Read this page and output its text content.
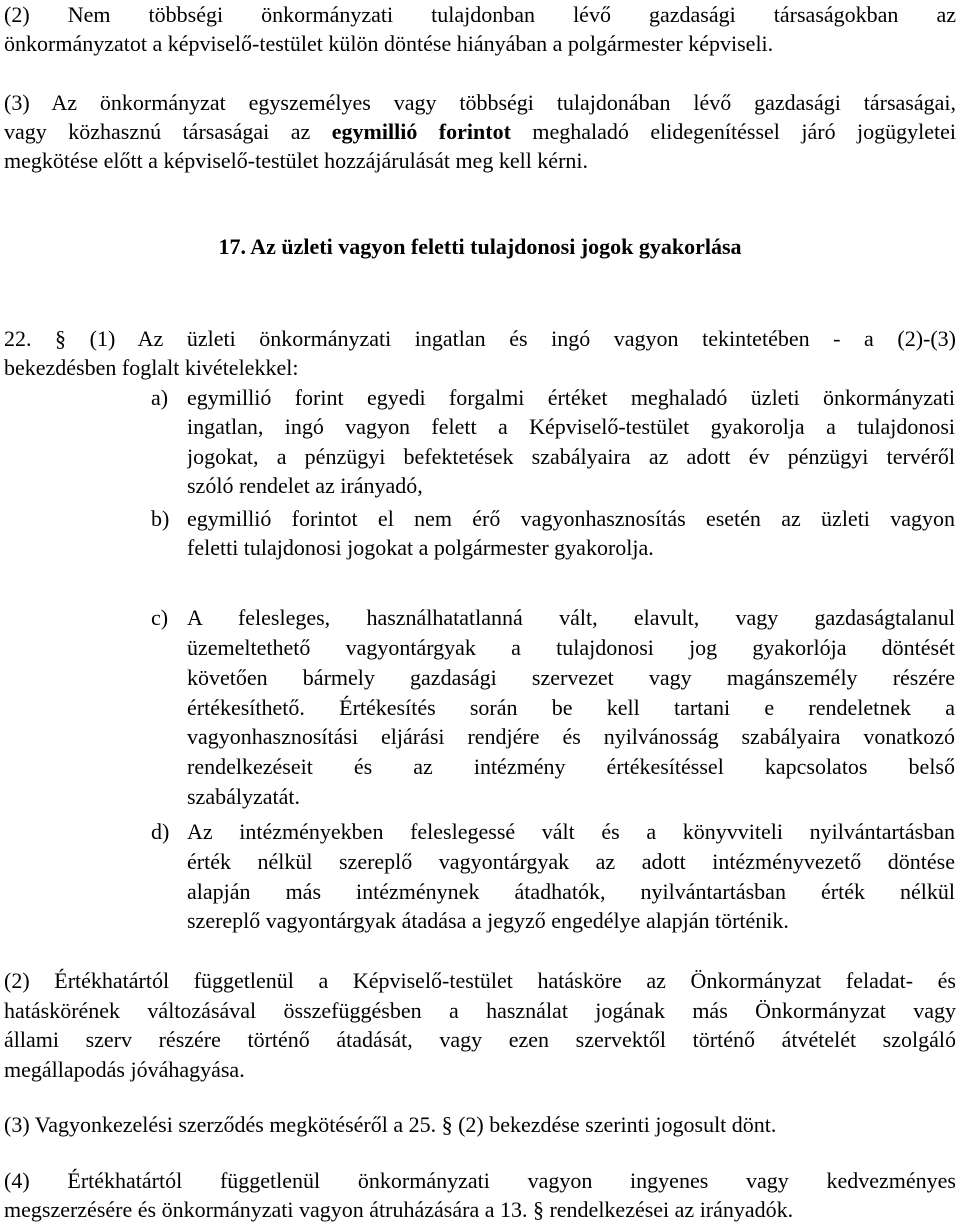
(2) Nem többségi önkormányzati tulajdonban lévő gazdasági társaságokban az
önkormányzatot a képviselő-testület külön döntése hiányában a polgármester képviseli.
(3) Az önkormányzat egyszemélyes vagy többségi tulajdonában lévő gazdasági társaságai,
vagy közhasznú társaságai az egymillió forintot meghaladó elidegenítéssel járó jogügyletei
megkötése előtt a képviselő-testület hozzájárulását meg kell kérni.
17. Az üzleti vagyon feletti tulajdonosi jogok gyakorlása
22. § (1) Az üzleti önkormányzati ingatlan és ingó vagyon tekintetében - a (2)-(3)
bekezdésben foglalt kivételekkel:
a) egymillió forint egyedi forgalmi értéket meghaladó üzleti önkormányzati
ingatlan, ingó vagyon felett a Képviselő-testület gyakorolja a tulajdonosi
jogokat, a pénzügyi befektetések szabályaira az adott év pénzügyi tervéről
szóló rendelet az irányadó,
b) egymillió forintot el nem érő vagyonhasznosítás esetén az üzleti vagyon
feletti tulajdonosi jogokat a polgármester gyakorolja.
c) A felesleges, használhatatlanná vált, elavult, vagy gazdaságtalanul
üzemeltethető vagyontárgyak a tulajdonosi jog gyakorlója döntését
követően bármely gazdasági szervezet vagy magánszemély részére
értékesíthető. Értékesítés során be kell tartani e rendeletnek a
vagyonhasznosítási eljárási rendjére és nyilvánosság szabályaira vonatkozó
rendelkezéseit és az intézmény értékesítéssel kapcsolatos belső
szabályzatát.
d) Az intézményekben feleslegessé vált és a könyvviteli nyilvántartásban
érték nélkül szereplő vagyontárgyak az adott intézményvezető döntése
alapján más intézménynek átadhatók, nyilvántartásban érték nélkül
szereplő vagyontárgyak átadása a jegyző engedélye alapján történik.
(2) Értékhatártól függetlenül a Képviselő-testület hatásköre az Önkormányzat feladat- és
hatáskörének változásával összefüggésben a használat jogának más Önkormányzat vagy
állami szerv részére történő átadását, vagy ezen szervektől történő átvételét szolgáló
megállapodás jóváhagyása.
(3) Vagyonkezelési szerződés megkötéséről a 25. § (2) bekezdése szerinti jogosult dönt.
(4) Értékhatártól függetlenül önkormányzati vagyon ingyenes vagy kedvezményes
megszerzésére és önkormányzati vagyon átruházására a 13. § rendelkezései az irányadók.
